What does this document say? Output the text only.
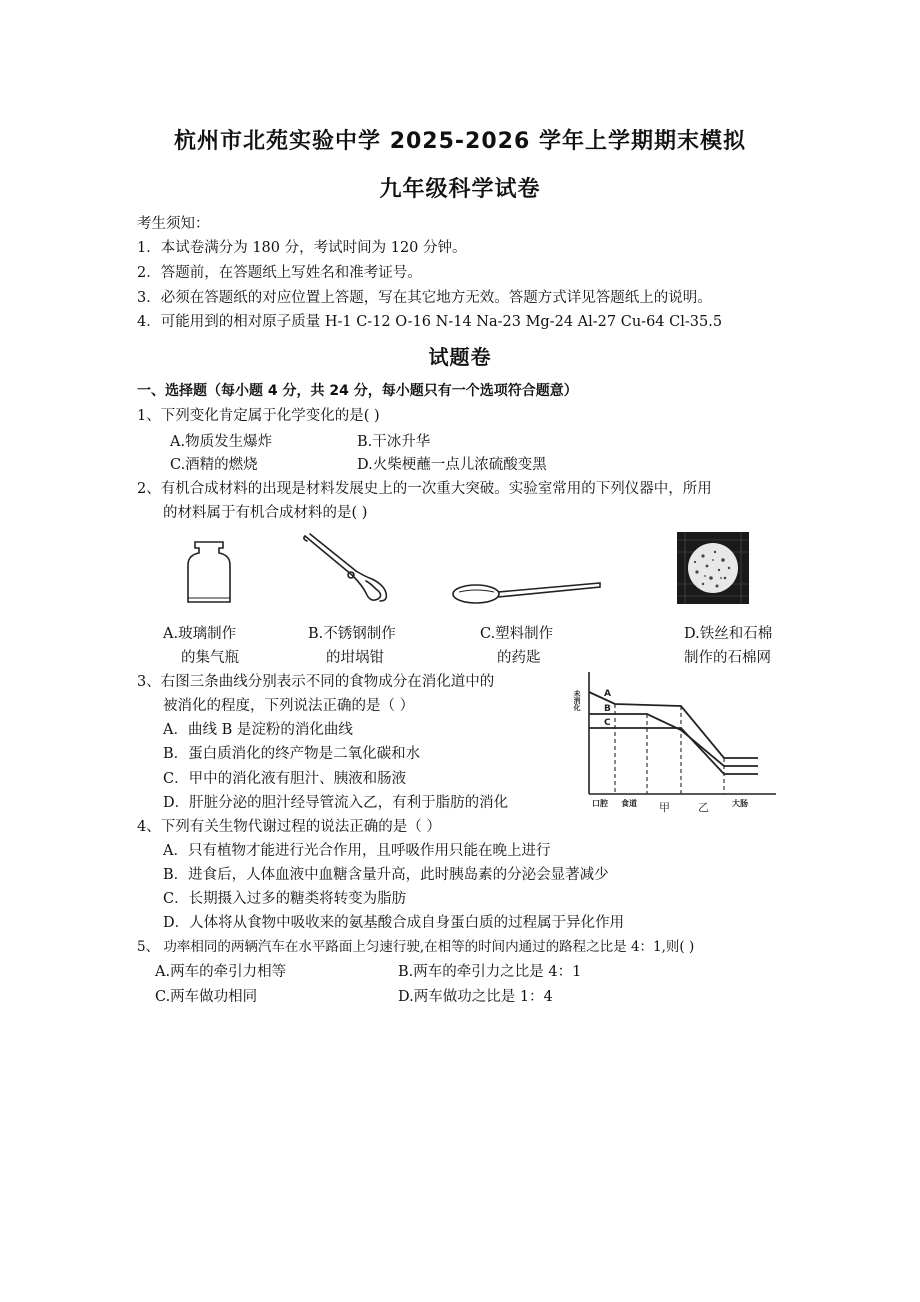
杭州市北苑实验中学 2025-2026 学年上学期期末模拟
九年级科学试卷
考生须知：
1．本试卷满分为 180 分，考试时间为 120 分钟。
2．答题前，在答题纸上写姓名和准考证号。
3．必须在答题纸的对应位置上答题，写在其它地方无效。答题方式详见答题纸上的说明。
4．可能用到的相对原子质量 H-1 C-12 O-16 N-14 Na-23 Mg-24 Al-27 Cu-64 Cl-35.5
试题卷
一、选择题（每小题 4 分，共 24 分，每小题只有一个选项符合题意）
1、下列变化肯定属于化学变化的是( )
A.物质发生爆炸	B.干冰升华
C.酒精的燃烧	D.火柴梗蘸一点儿浓硫酸变黑
2、有机合成材料的出现是材料发展史上的一次重大突破。实验室常用的下列仪器中，所用
的材料属于有机合成材料的是( )
A.玻璃制作
的集气瓶
B.不锈钢制作
的坩埚钳
C.塑料制作
的药匙
D.铁丝和石棉
制作的石棉网
3、右图三条曲线分别表示不同的食物成分在消化道中的
被消化的程度，下列说法正确的是（ ）
A．曲线 B 是淀粉的消化曲线
B．蛋白质消化的终产物是二氧化碳和水
C．甲中的消化液有胆汁、胰液和肠液
D．肝脏分泌的胆汁经导管流入乙，有利于脂肪的消化
未消化	A
B
C
口腔 食道 甲	乙	大肠
4、下列有关生物代谢过程的说法正确的是（ ）
A．只有植物才能进行光合作用，且呼吸作用只能在晚上进行
B．进食后，人体血液中血糖含量升高，此时胰岛素的分泌会显著减少
C．长期摄入过多的糖类将转变为脂肪
D．人体将从食物中吸收来的氨基酸合成自身蛋白质的过程属于异化作用
5、 功率相同的两辆汽车在水平路面上匀速行驶,在相等的时间内通过的路程之比是 4：1,则( )
A.两车的牵引力相等	B.两车的牵引力之比是 4：1
C.两车做功相同	D.两车做功之比是 1：4
